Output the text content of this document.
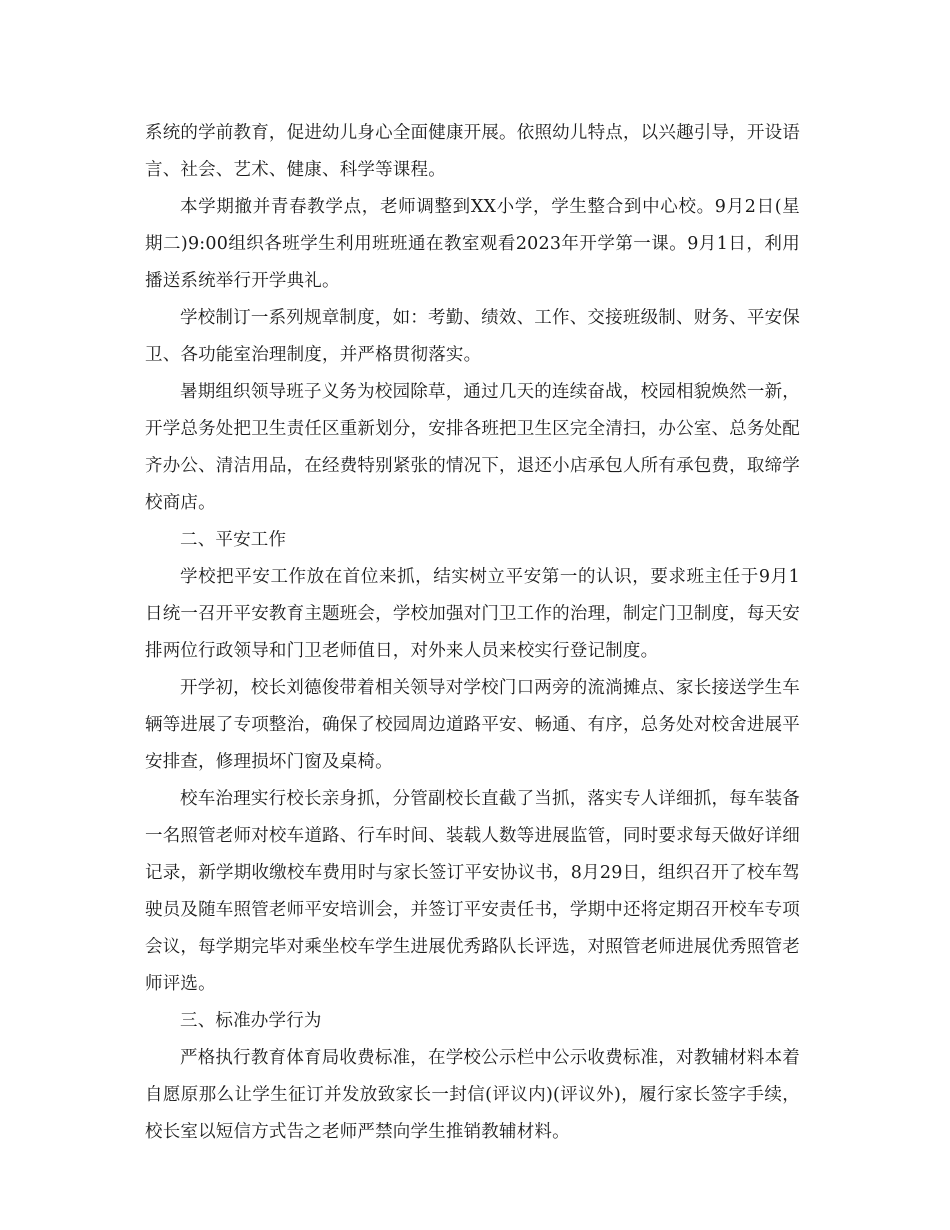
系统的学前教育，促进幼儿身心全面健康开展。依照幼儿特点，以兴趣引导，开设语言、社会、艺术、健康、科学等课程。

本学期撤并青春教学点，老师调整到XX小学，学生整合到中心校。9月2日(星期二)9:00组织各班学生利用班班通在教室观看2023年开学第一课。9月1日，利用播送系统举行开学典礼。

学校制订一系列规章制度，如：考勤、绩效、工作、交接班级制、财务、平安保卫、各功能室治理制度，并严格贯彻落实。

暑期组织领导班子义务为校园除草，通过几天的连续奋战，校园相貌焕然一新，开学总务处把卫生责任区重新划分，安排各班把卫生区完全清扫，办公室、总务处配齐办公、清洁用品，在经费特别紧张的情况下，退还小店承包人所有承包费，取缔学校商店。

二、平安工作

学校把平安工作放在首位来抓，结实树立平安第一的认识，要求班主任于9月1日统一召开平安教育主题班会，学校加强对门卫工作的治理，制定门卫制度，每天安排两位行政领导和门卫老师值日，对外来人员来校实行登记制度。

开学初，校长刘德俊带着相关领导对学校门口两旁的流淌摊点、家长接送学生车辆等进展了专项整治，确保了校园周边道路平安、畅通、有序，总务处对校舍进展平安排查，修理损坏门窗及桌椅。

校车治理实行校长亲身抓，分管副校长直截了当抓，落实专人详细抓，每车装备一名照管老师对校车道路、行车时间、装载人数等进展监管，同时要求每天做好详细记录，新学期收缴校车费用时与家长签订平安协议书，8月29日，组织召开了校车驾驶员及随车照管老师平安培训会，并签订平安责任书，学期中还将定期召开校车专项会议，每学期完毕对乘坐校车学生进展优秀路队长评选，对照管老师进展优秀照管老师评选。

三、标准办学行为

严格执行教育体育局收费标准，在学校公示栏中公示收费标准，对教辅材料本着自愿原那么让学生征订并发放致家长一封信(评议内)(评议外)，履行家长签字手续，校长室以短信方式告之老师严禁向学生推销教辅材料。
